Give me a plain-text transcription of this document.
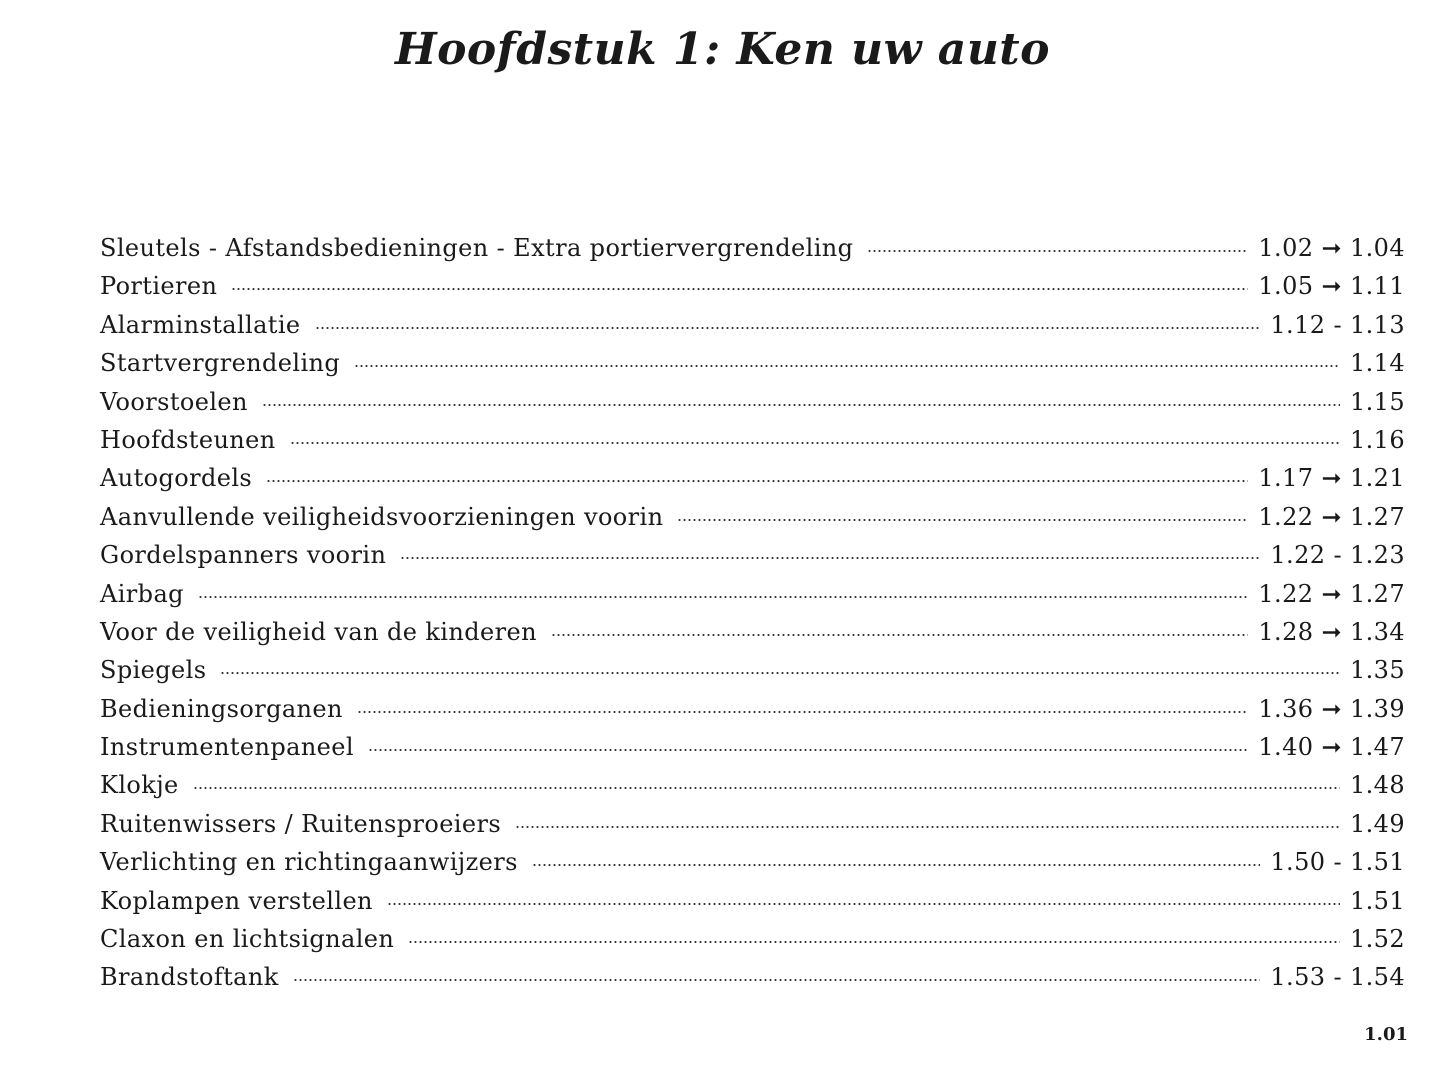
Hoofdstuk 1: Ken uw auto
Sleutels - Afstandsbedieningen - Extra portiervergrendeling	1.02 ➞ 1.04
Portieren	1.05 ➞ 1.11
Alarminstallatie	1.12 - 1.13
Startvergrendeling	1.14
Voorstoelen	1.15
Hoofdsteunen	1.16
Autogordels	1.17 ➞ 1.21
Aanvullende veiligheidsvoorzieningen voorin	1.22 ➞ 1.27
Gordelspanners voorin	1.22 - 1.23
Airbag	1.22 ➞ 1.27
Voor de veiligheid van de kinderen	1.28 ➞ 1.34
Spiegels	1.35
Bedieningsorganen	1.36 ➞ 1.39
Instrumentenpaneel	1.40 ➞ 1.47
Klokje	1.48
Ruitenwissers / Ruitensproeiers	1.49
Verlichting en richtingaanwijzers	1.50 - 1.51
Koplampen verstellen	1.51
Claxon en lichtsignalen	1.52
Brandstoftank	1.53 - 1.54
1.01
